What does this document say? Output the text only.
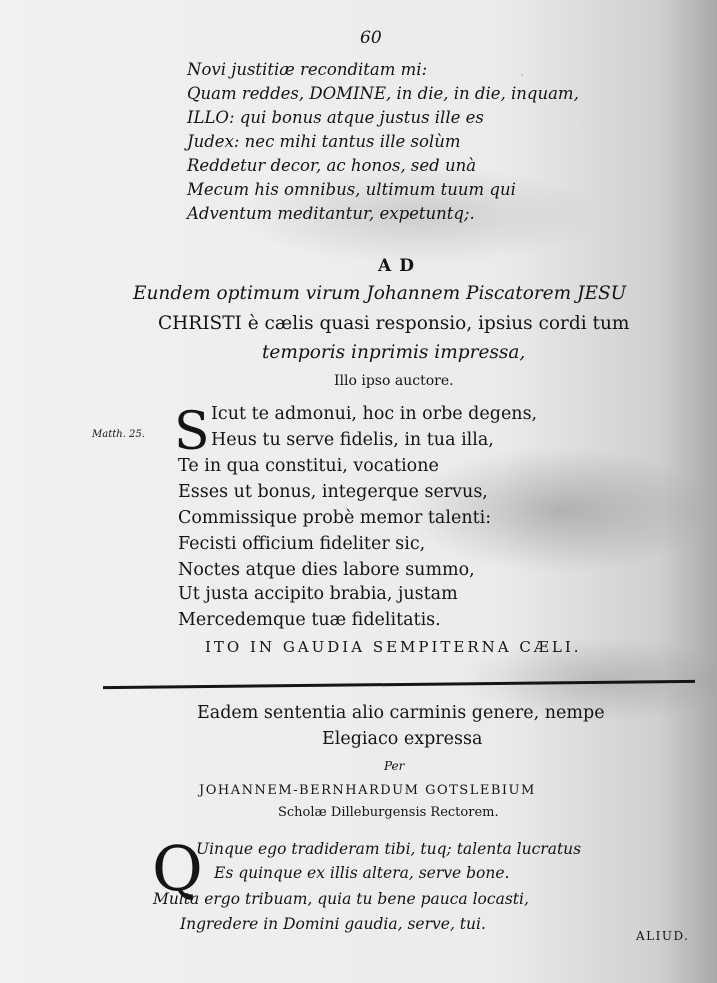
·
60
Novi justitiæ reconditam mi:
Quam reddes, DOMINE, in die, in die, inquam,
ILLO: qui bonus atque justus ille es
Judex: nec mihi tantus ille solùm
Reddetur decor, ac honos, sed unà
Mecum his omnibus, ultimum tuum qui
Adventum meditantur, expetuntq;.
AD
Eundem optimum virum Johannem Piscatorem JESU
CHRISTI è cælis quasi responsio, ipsius cordi tum
temporis inprimis impressa,
Illo ipso auctore.
Matth. 25. S Icut te admonui, hoc in orbe degens,
Heus tu serve fidelis, in tua illa,
Te in qua constitui, vocatione
Esses ut bonus, integerque servus,
Commissique probè memor talenti:
Fecisti officium fideliter sic,
Noctes atque dies labore summo,
Ut justa accipito brabia, justam
Mercedemque tuæ fidelitatis.
ITO IN GAUDIA SEMPITERNA CÆLI.
Eadem sententia alio carminis genere, nempe
Elegiaco expressa
Per
JOHANNEM-BERNHARDUM GOTSLEBIUM
Scholæ Dilleburgensis Rectorem.
Q
Uinque ego tradideram tibi, tuq; talenta lucratus
Es quinque ex illis altera, serve bone.
Multa ergo tribuam, quia tu bene pauca locasti,
Ingredere in Domini gaudia, serve, tui.
ALIUD.
